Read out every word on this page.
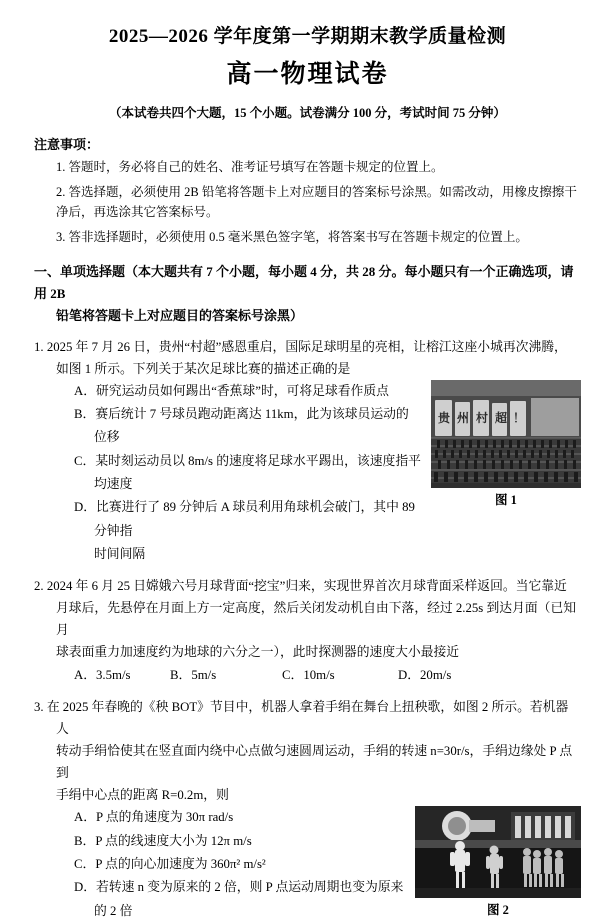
2025—2026 学年度第一学期期末教学质量检测
高一物理试卷
（本试卷共四个大题，15 个小题。试卷满分 100 分，考试时间 75 分钟）
注意事项：
1. 答题时，务必将自己的姓名、准考证号填写在答题卡规定的位置上。
2. 答选择题，必须使用 2B 铅笔将答题卡上对应题目的答案标号涂黑。如需改动，用橡皮擦擦干净后，再选涂其它答案标号。
3. 答非选择题时，必须使用 0.5 毫米黑色签字笔，将答案书写在答题卡规定的位置上。
一、单项选择题（本大题共有 7 个小题，每小题 4 分，共 28 分。每小题只有一个正确选项，请用 2B
铅笔将答题卡上对应题目的答案标号涂黑）
1. 2025 年 7 月 26 日，贵州“村超”感恩重启，国际足球明星的亮相，让榕江这座小城再次沸腾，
如图 1 所示。下列关于某次足球比赛的描述正确的是
贵 州 村 超 ！
图 1
A．研究运动员如何踢出“香蕉球”时，可将足球看作质点
B．赛后统计 7 号球员跑动距离达 11km，此为该球员运动的位移
C．某时刻运动员以 8m/s 的速度将足球水平踢出，该速度指平均速度
D．比赛进行了 89 分钟后 A 球员利用角球机会破门，其中 89 分钟指
时间间隔
2. 2024 年 6 月 25 日嫦娥六号月球背面“挖宝”归来，实现世界首次月球背面采样返回。当它靠近
月球后，先悬停在月面上方一定高度，然后关闭发动机自由下落，经过 2.25s 到达月面（已知月
球表面重力加速度约为地球的六分之一），此时探测器的速度大小最接近
A．3.5m/s	B．5m/s	C．10m/s	D．20m/s
3. 在 2025 年春晚的《秧 BOT》节目中，机器人拿着手绢在舞台上扭秧歌，如图 2 所示。若机器人
转动手绢恰使其在竖直面内绕中心点做匀速圆周运动，手绢的转速 n=30r/s，手绢边缘处 P 点到
手绢中心点的距离 R=0.2m，则
图 2
A．P 点的角速度为 30π rad/s
B．P 点的线速度大小为 12π m/s
C．P 点的向心加速度为 360π² m/s²
D．若转速 n 变为原来的 2 倍，则 P 点运动周期也变为原来的 2 倍
